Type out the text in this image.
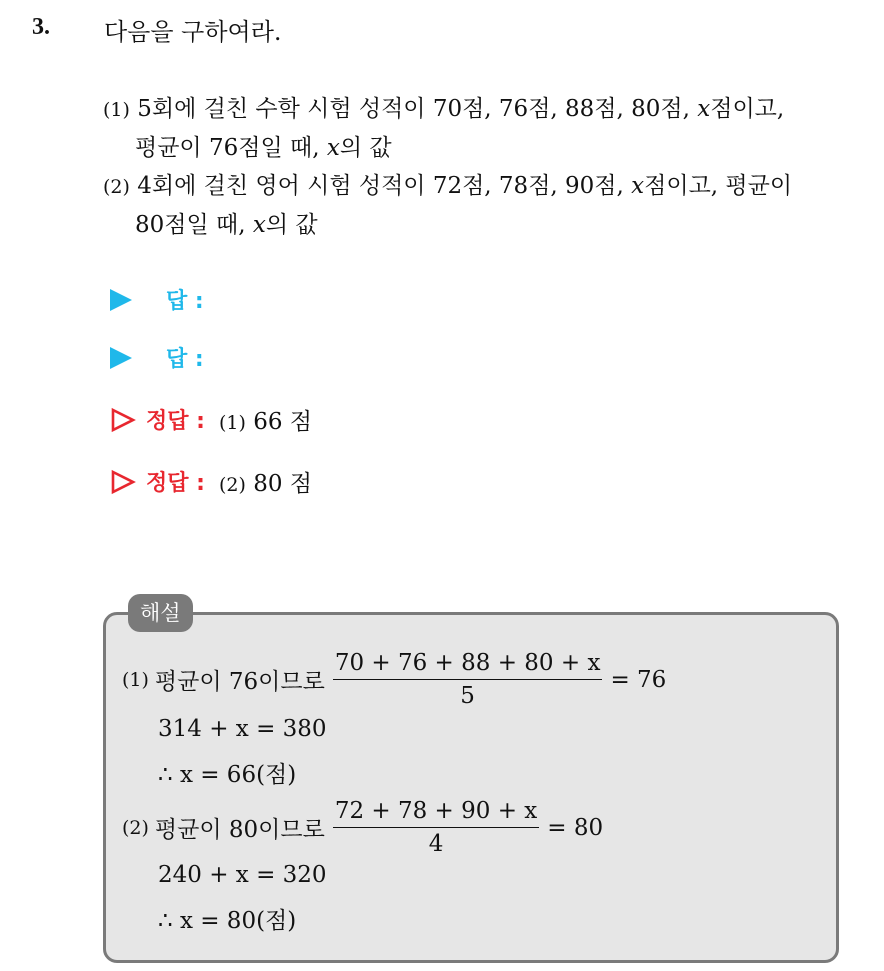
3. 다음을 구하여라.
(1) 5회에 걸친 수학 시험 성적이 70점, 76점, 88점, 80점, x점이고,
평균이 76점일 때, x의 값
(2) 4회에 걸친 영어 시험 성적이 72점, 78점, 90점, x점이고, 평균이
80점일 때, x의 값
답 :
답 :
정답 : (1) 66 점
정답 : (2) 80 점
해설
(1) 평균이 76이므로 $\frac{70 + 76 + 88 + 80 + x}{5} = 76$
314 + x = 380
∴ x = 66(점)
(2) 평균이 80이므로 $\frac{72 + 78 + 90 + x}{4} = 80$
240 + x = 320
∴ x = 80(점)
